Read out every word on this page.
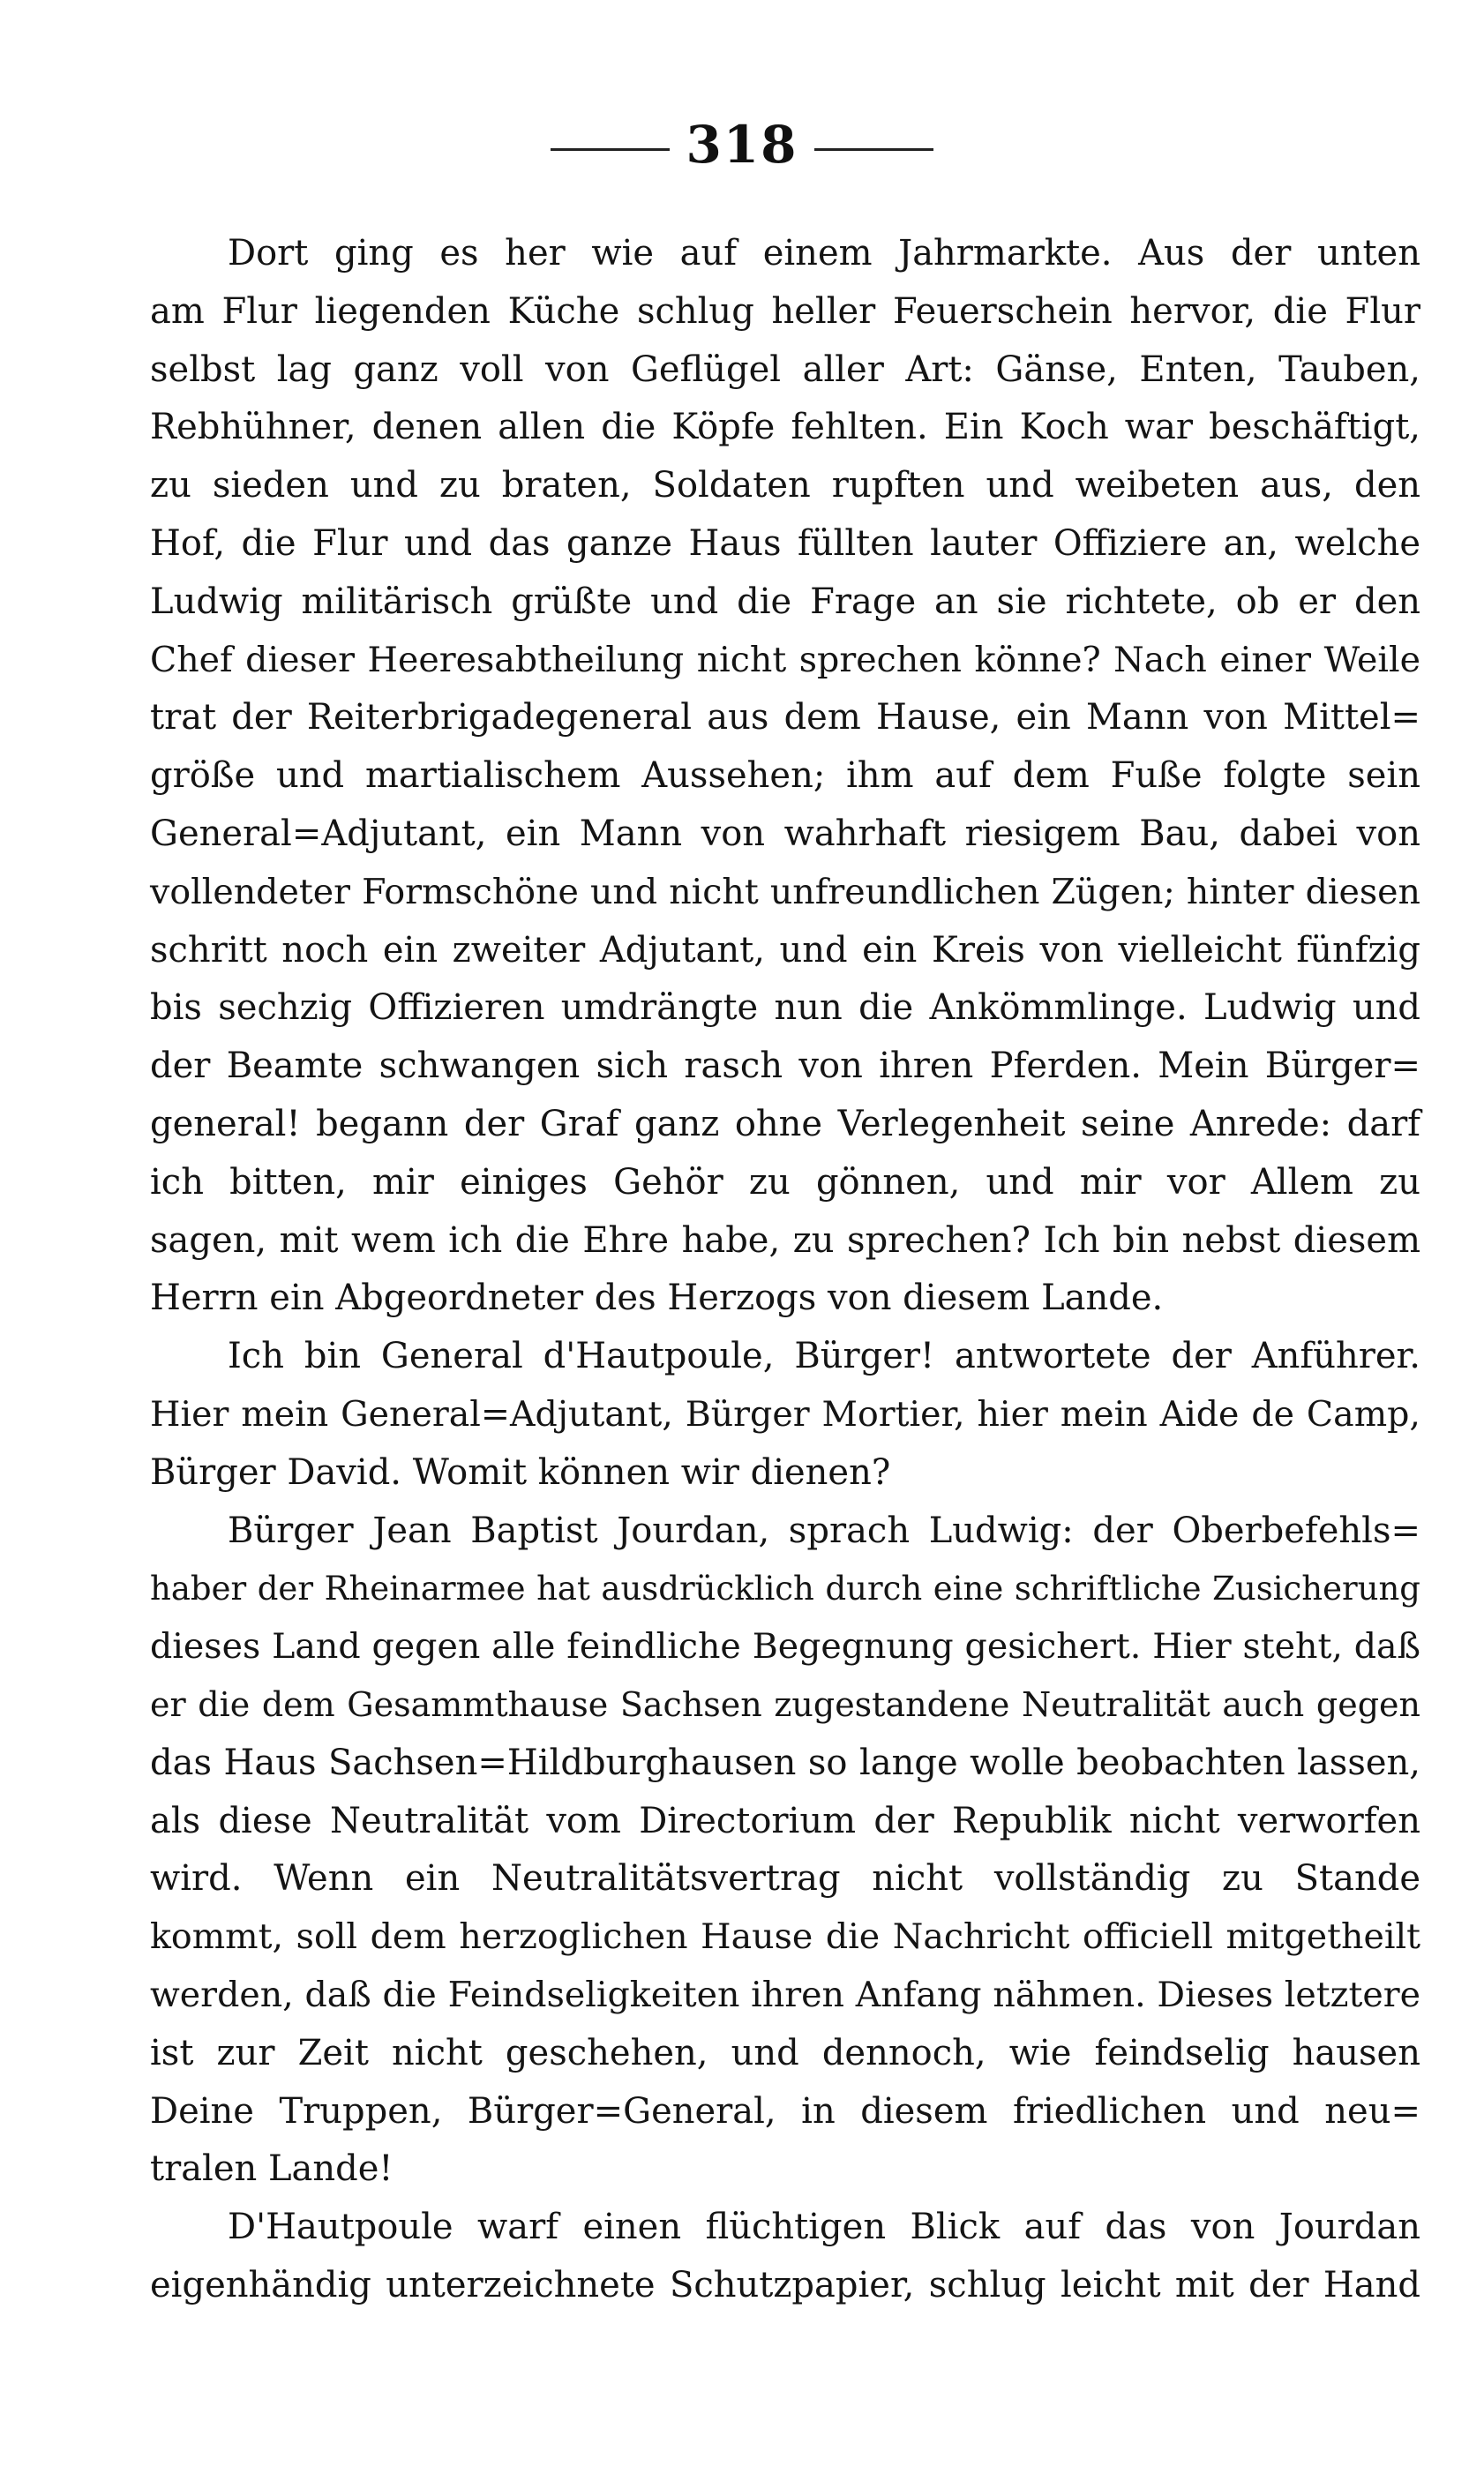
318
Dort ging es her wie auf einem Jahrmarkte. Aus der unten
am Flur liegenden Küche schlug heller Feuerschein hervor, die Flur
selbst lag ganz voll von Geflügel aller Art: Gänse, Enten, Tauben,
Rebhühner, denen allen die Köpfe fehlten. Ein Koch war beschäftigt,
zu sieden und zu braten, Soldaten rupften und weibeten aus, den
Hof, die Flur und das ganze Haus füllten lauter Offiziere an, welche
Ludwig militärisch grüßte und die Frage an sie richtete, ob er den
Chef dieser Heeresabtheilung nicht sprechen könne? Nach einer Weile
trat der Reiterbrigadegeneral aus dem Hause, ein Mann von Mittel=
größe und martialischem Aussehen; ihm auf dem Fuße folgte sein
General=Adjutant, ein Mann von wahrhaft riesigem Bau, dabei von
vollendeter Formschöne und nicht unfreundlichen Zügen; hinter diesen
schritt noch ein zweiter Adjutant, und ein Kreis von vielleicht fünfzig
bis sechzig Offizieren umdrängte nun die Ankömmlinge. Ludwig und
der Beamte schwangen sich rasch von ihren Pferden. Mein Bürger=
general! begann der Graf ganz ohne Verlegenheit seine Anrede: darf
ich bitten, mir einiges Gehör zu gönnen, und mir vor Allem zu
sagen, mit wem ich die Ehre habe, zu sprechen? Ich bin nebst diesem
Herrn ein Abgeordneter des Herzogs von diesem Lande.
Ich bin General d'Hautpoule, Bürger! antwortete der Anführer.
Hier mein General=Adjutant, Bürger Mortier, hier mein Aide de Camp,
Bürger David. Womit können wir dienen?
Bürger Jean Baptist Jourdan, sprach Ludwig: der Oberbefehls=
haber der Rheinarmee hat ausdrücklich durch eine schriftliche Zusicherung
dieses Land gegen alle feindliche Begegnung gesichert. Hier steht, daß
er die dem Gesammthause Sachsen zugestandene Neutralität auch gegen
das Haus Sachsen=Hildburghausen so lange wolle beobachten lassen,
als diese Neutralität vom Directorium der Republik nicht verworfen
wird. Wenn ein Neutralitätsvertrag nicht vollständig zu Stande
kommt, soll dem herzoglichen Hause die Nachricht officiell mitgetheilt
werden, daß die Feindseligkeiten ihren Anfang nähmen. Dieses letztere
ist zur Zeit nicht geschehen, und dennoch, wie feindselig hausen
Deine Truppen, Bürger=General, in diesem friedlichen und neu=
tralen Lande!
D'Hautpoule warf einen flüchtigen Blick auf das von Jourdan
eigenhändig unterzeichnete Schutzpapier, schlug leicht mit der Hand
